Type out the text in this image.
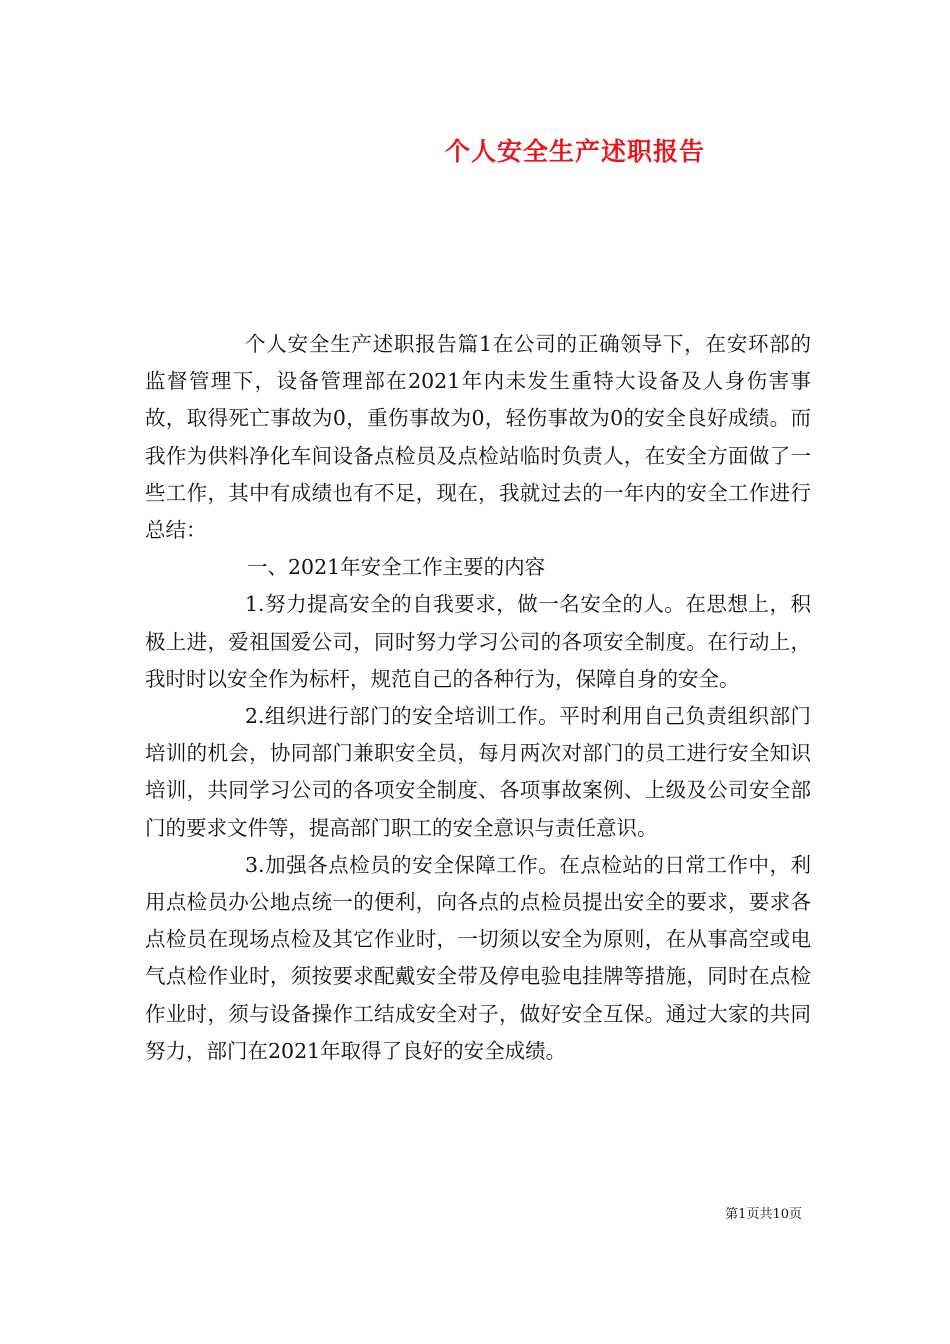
个人安全生产述职报告

个人安全生产述职报告篇1在公司的正确领导下，在安环部的监督管理下，设备管理部在2021年内未发生重特大设备及人身伤害事故，取得死亡事故为0，重伤事故为0，轻伤事故为0的安全良好成绩。而我作为供料净化车间设备点检员及点检站临时负责人，在安全方面做了一些工作，其中有成绩也有不足，现在，我就过去的一年内的安全工作进行总结：

一、2021年安全工作主要的内容

1.努力提高安全的自我要求，做一名安全的人。在思想上，积极上进，爱祖国爱公司，同时努力学习公司的各项安全制度。在行动上，我时时以安全作为标杆，规范自己的各种行为，保障自身的安全。

2.组织进行部门的安全培训工作。平时利用自己负责组织部门培训的机会，协同部门兼职安全员，每月两次对部门的员工进行安全知识培训，共同学习公司的各项安全制度、各项事故案例、上级及公司安全部门的要求文件等，提高部门职工的安全意识与责任意识。

3.加强各点检员的安全保障工作。在点检站的日常工作中，利用点检员办公地点统一的便利，向各点的点检员提出安全的要求，要求各点检员在现场点检及其它作业时，一切须以安全为原则，在从事高空或电气点检作业时，须按要求配戴安全带及停电验电挂牌等措施，同时在点检作业时，须与设备操作工结成安全对子，做好安全互保。通过大家的共同努力，部门在2021年取得了良好的安全成绩。

第1页共10页
